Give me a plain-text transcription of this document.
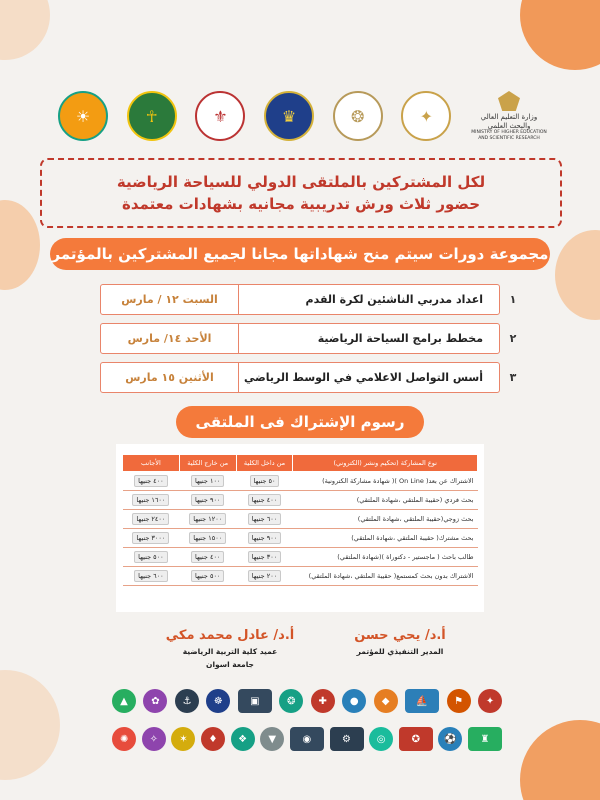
وزارة التعليم العالي والبحث العلمي
MINISTRY OF HIGHER EDUCATION AND SCIENTIFIC RESEARCH
✦
❂
♛
⚜
☥
☀

لكل المشتركين بالملتقى الدولي للسياحة الرياضية

حضور ثلاث ورش تدريبية مجانيه بشهادات معتمدة

مجموعة دورات سيتم منح شهاداتها مجانا لجميع المشتركين بالمؤتمر
١
اعداد مدربي الناشئين لكرة القدم
السبت ١٢ / مارس
٢
مخطط برامج السياحة الرياضية
الأحد ١٤/ مارس
٣
أسس التواصل الاعلامي في الوسط الرياضي
الأثنين ١٥ مارس
رسوم الإشتراك فى الملتقى
نوع المشاركة (تحكيم ونشر (الكتروني)	من داخل الكلية	من خارج الكلية	الأجانب
الاشتراك عن بعد( On Line )( شهادة مشاركة الكترونية)	٥٠ جنيها	١٠٠ جنيها	٤٠٠ جنيها
بحث فردي (حقيبة الملتقي ،شهادة الملتقي)	٤٠٠ جنيها	٩٠٠ جنيها	١٦٠٠ جنيها
بحث زوجي(حقيبة الملتقي ،شهادة الملتقي)	٦٠٠ جنيها	١٢٠٠ جنيها	٢٤٠٠ جنيها
بحث مشترك( حقيبة الملتقي ،شهادة الملتقي)	٩٠٠ جنيها	١٥٠٠ جنيها	٣٠٠٠ جنيها
طالب باحث ( ماجستير - دكتوراة )(شهادة الملتقي)	٣٠٠ جنيها	٤٠٠ جنيها	٥٠٠ جنيها
الاشتراك بدون بحث كمستمع( حقيبة الملتقي ،شهادة الملتقي)	٢٠٠ جنيها	٥٠٠ جنيها	٦٠٠ جنيها
أ.د/ يحي حسن
المدير التنفيذي للمؤتمر
أ.د/ عادل محمد مكي
عميد كلية التربية الرياضية
جامعة اسوان
✦
⚑
⛵
◆
●
✚
❂
▣
☸
⚓
✿
▲
♜
⚽
✪
◎
⚙
◉
▼
❖
♦
✶
✧
✺
